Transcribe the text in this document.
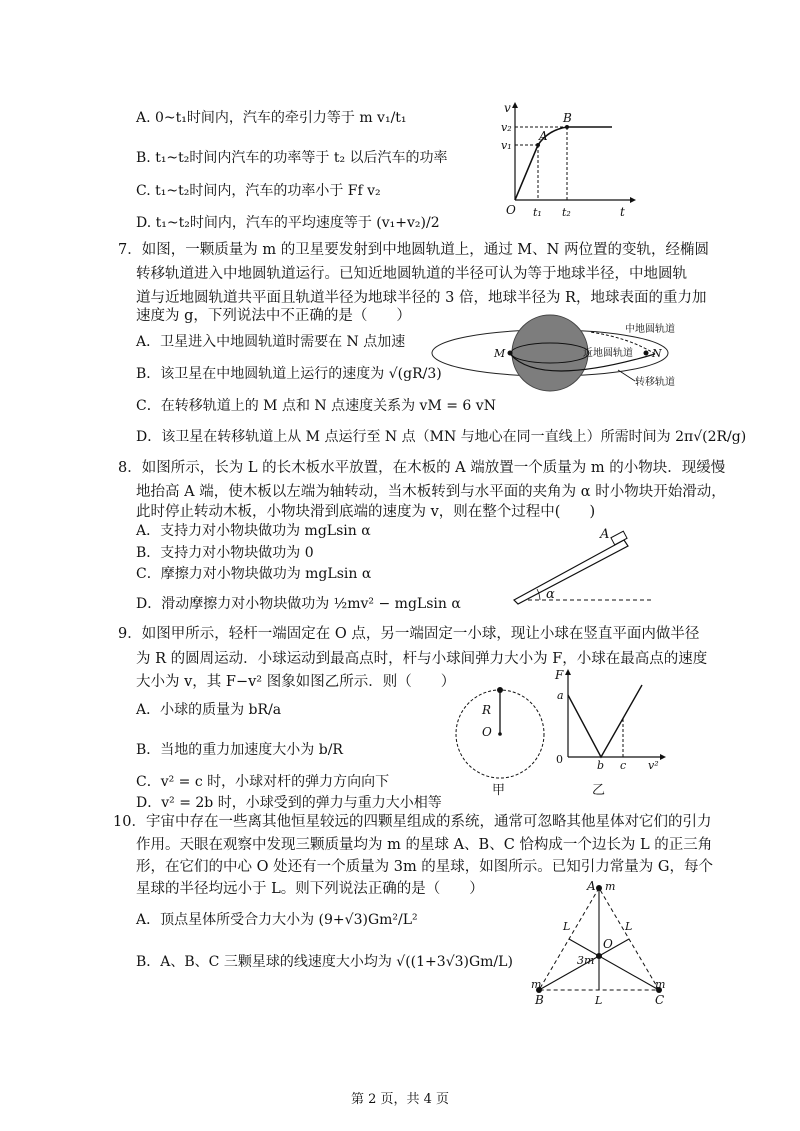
A. 0~t₁时间内，汽车的牵引力等于 m v₁/t₁
B. t₁~t₂时间内汽车的功率等于 t₂ 以后汽车的功率
C. t₁~t₂时间内，汽车的功率小于 Ff v₂
D. t₁~t₂时间内，汽车的平均速度等于 (v₁+v₂)/2
v
v₂
v₁
A
B
O t₁ t₂	t
7．如图，一颗质量为 m 的卫星要发射到中地圆轨道上，通过 M、N 两位置的变轨，经椭圆
转移轨道进入中地圆轨道运行。已知近地圆轨道的半径可认为等于地球半径，中地圆轨
道与近地圆轨道共平面且轨道半径为地球半径的 3 倍，地球半径为 R，地球表面的重力加
速度为 g，下列说法中不正确的是（　　）
A．卫星进入中地圆轨道时需要在 N 点加速
B．该卫星在中地圆轨道上运行的速度为 √(gR/3)
C．在转移轨道上的 M 点和 N 点速度关系为 vM = 6 vN
D．该卫星在转移轨道上从 M 点运行至 N 点（MN 与地心在同一直线上）所需时间为 2π√(2R/g)
M	N
中地圆轨道
近地圆轨道
转移轨道
8．如图所示，长为 L 的长木板水平放置，在木板的 A 端放置一个质量为 m 的小物块．现缓慢
地抬高 A 端，使木板以左端为轴转动，当木板转到与水平面的夹角为 α 时小物块开始滑动，
此时停止转动木板，小物块滑到底端的速度为 v，则在整个过程中(　　)
A．支持力对小物块做功为 mgLsin α
B．支持力对小物块做功为 0
C．摩擦力对小物块做功为 mgLsin α
D．滑动摩擦力对小物块做功为 ½mv² − mgLsin α
A
α
9．如图甲所示，轻杆一端固定在 O 点，另一端固定一小球，现让小球在竖直平面内做半径
为 R 的圆周运动．小球运动到最高点时，杆与小球间弹力大小为 F，小球在最高点的速度
大小为 v，其 F−v² 图象如图乙所示．则（　　）
A．小球的质量为 bR/a
B．当地的重力加速度大小为 b/R
C．v² = c 时，小球对杆的弹力方向向下
D．v² = 2b 时，小球受到的弹力与重力大小相等
R
O
甲
F
a
0	b c v²
乙
10．宇宙中存在一些离其他恒星较远的四颗星组成的系统，通常可忽略其他星体对它们的引力
作用。天眼在观察中发现三颗质量均为 m 的星球 A、B、C 恰构成一个边长为 L 的正三角
形，在它们的中心 O 处还有一个质量为 3m 的星球，如图所示。已知引力常量为 G，每个
星球的半径均远小于 L。则下列说法正确的是（　　）
A．顶点星体所受合力大小为 (9+√3)Gm²/L²
B．A、B、C 三颗星球的线速度大小均为 √((1+3√3)Gm/L)
A m
m	m
B	C
L	L
L
O
3m
第 2 页，共 4 页
